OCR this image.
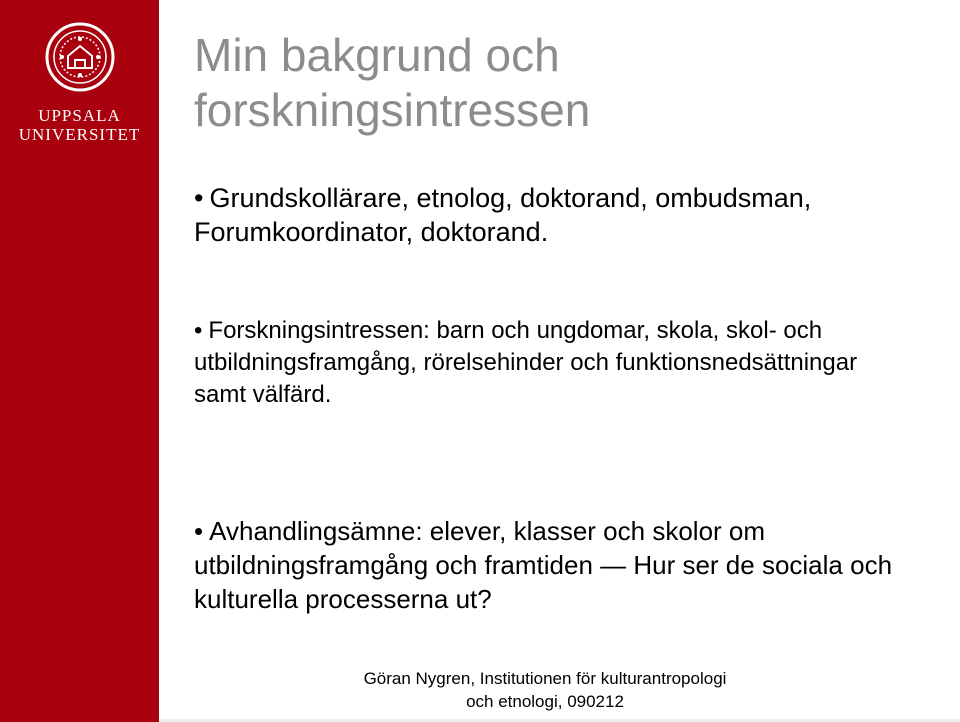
UPPSALA
UNIVERSITET
Min bakgrund och
forskningsintressen
• Grundskollärare, etnolog, doktorand, ombudsman, Forumkoordinator, doktorand.
• Forskningsintressen: barn och ungdomar, skola, skol- och utbildningsframgång, rörelsehinder och funktionsnedsättningar samt välfärd.
• Avhandlingsämne: elever, klasser och skolor om utbildningsframgång och framtiden — Hur ser de sociala och kulturella processerna ut?
Göran Nygren, Institutionen för kulturantropologi
och etnologi, 090212
